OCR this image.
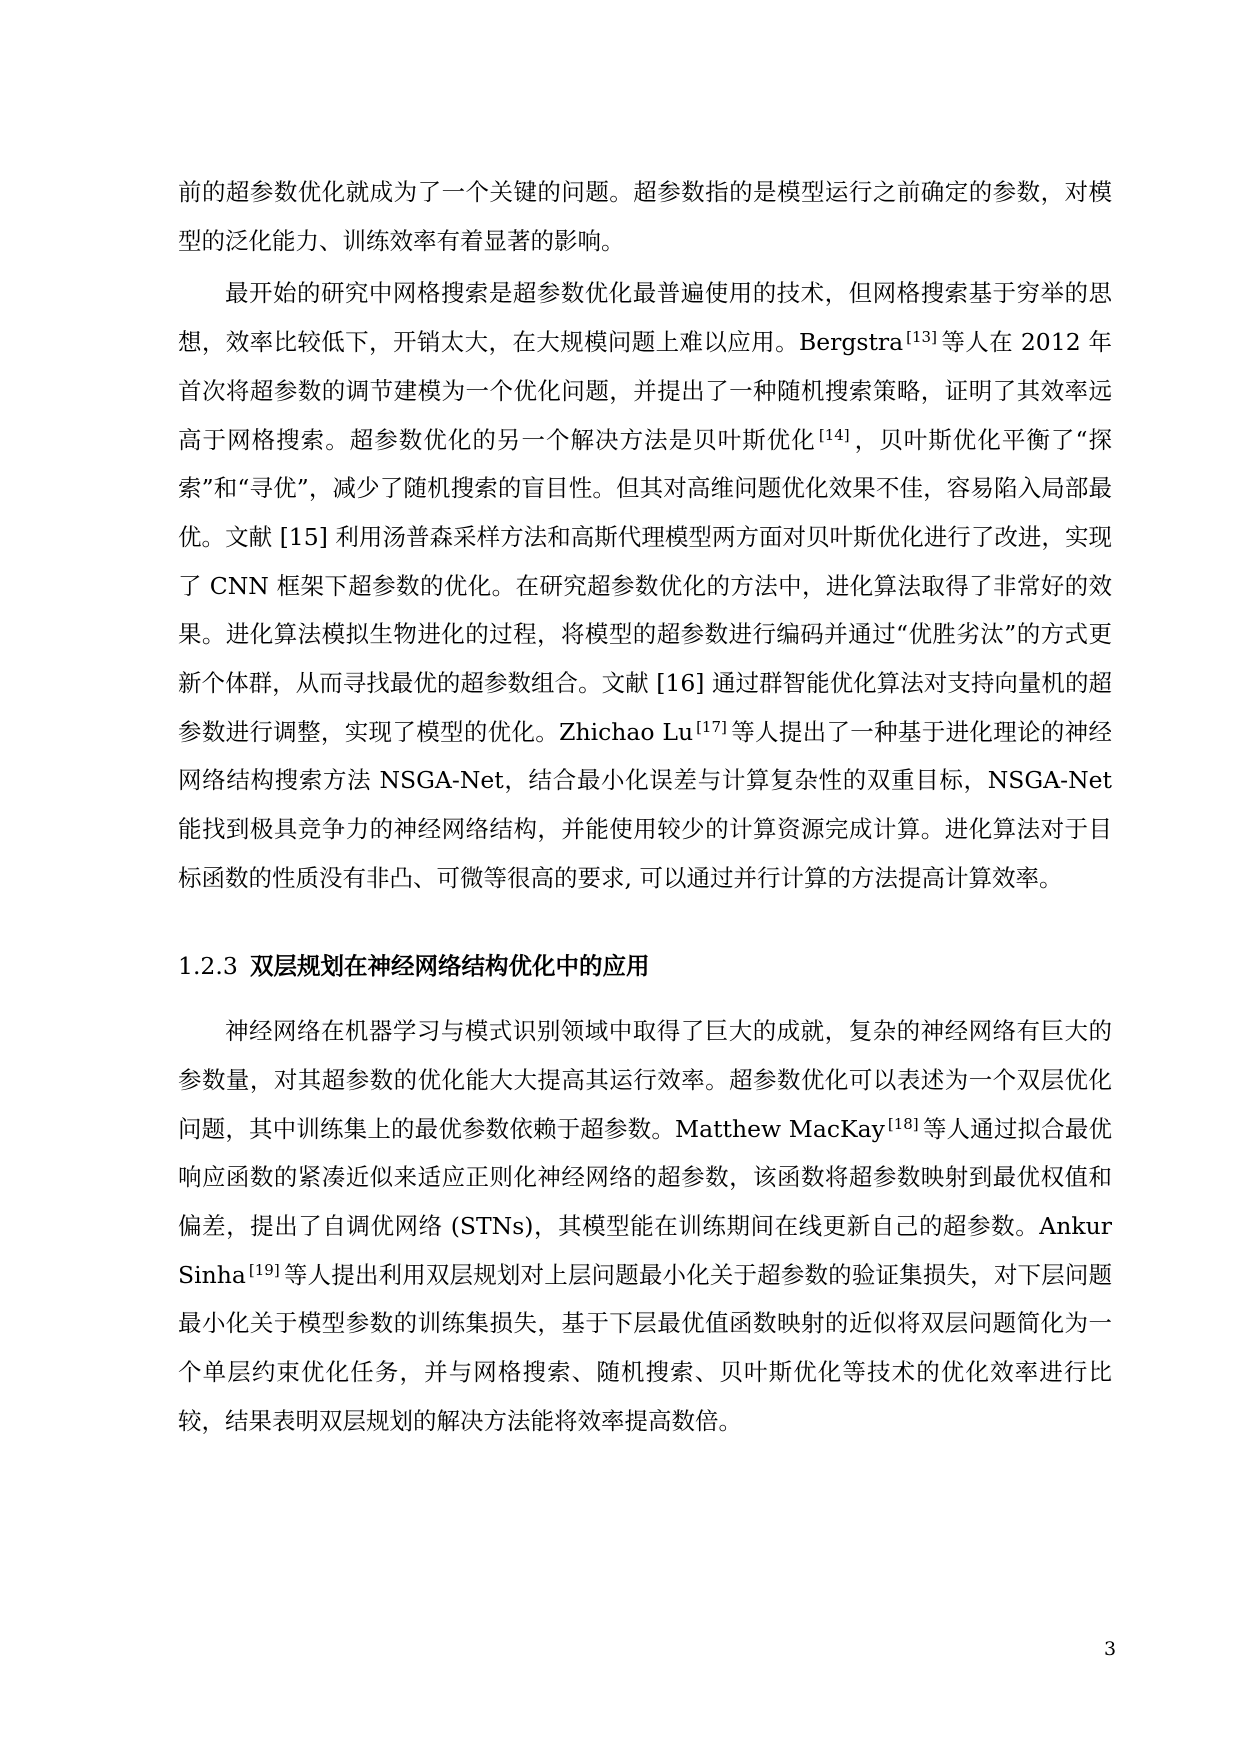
前的超参数优化就成为了一个关键的问题。超参数指的是模型运行之前确定的参数，对模型的泛化能力、训练效率有着显著的影响。

最开始的研究中网格搜索是超参数优化最普遍使用的技术，但网格搜索基于穷举的思想，效率比较低下，开销太大，在大规模问题上难以应用。Bergstra [13] 等人在 2012 年首次将超参数的调节建模为一个优化问题，并提出了一种随机搜索策略，证明了其效率远高于网格搜索。超参数优化的另一个解决方法是贝叶斯优化 [14] ，贝叶斯优化平衡了“探索”和“寻优”，减少了随机搜索的盲目性。但其对高维问题优化效果不佳，容易陷入局部最优。文献 [15] 利用汤普森采样方法和高斯代理模型两方面对贝叶斯优化进行了改进，实现了 CNN 框架下超参数的优化。在研究超参数优化的方法中，进化算法取得了非常好的效果。进化算法模拟生物进化的过程，将模型的超参数进行编码并通过“优胜劣汰”的方式更新个体群，从而寻找最优的超参数组合。文献 [16] 通过群智能优化算法对支持向量机的超参数进行调整，实现了模型的优化。Zhichao Lu [17] 等人提出了一种基于进化理论的神经网络结构搜索方法 NSGA-Net，结合最小化误差与计算复杂性的双重目标，NSGA-Net 能找到极具竞争力的神经网络结构，并能使用较少的计算资源完成计算。进化算法对于目标函数的性质没有非凸、可微等很高的要求, 可以通过并行计算的方法提高计算效率。

1.2.3 双层规划在神经网络结构优化中的应用

神经网络在机器学习与模式识别领域中取得了巨大的成就，复杂的神经网络有巨大的参数量，对其超参数的优化能大大提高其运行效率。超参数优化可以表述为一个双层优化问题，其中训练集上的最优参数依赖于超参数。Matthew MacKay [18] 等人通过拟合最优响应函数的紧凑近似来适应正则化神经网络的超参数，该函数将超参数映射到最优权值和偏差，提出了自调优网络 (STNs)，其模型能在训练期间在线更新自己的超参数。Ankur Sinha [19] 等人提出利用双层规划对上层问题最小化关于超参数的验证集损失，对下层问题最小化关于模型参数的训练集损失，基于下层最优值函数映射的近似将双层问题简化为一个单层约束优化任务，并与网格搜索、随机搜索、贝叶斯优化等技术的优化效率进行比较，结果表明双层规划的解决方法能将效率提高数倍。

3
